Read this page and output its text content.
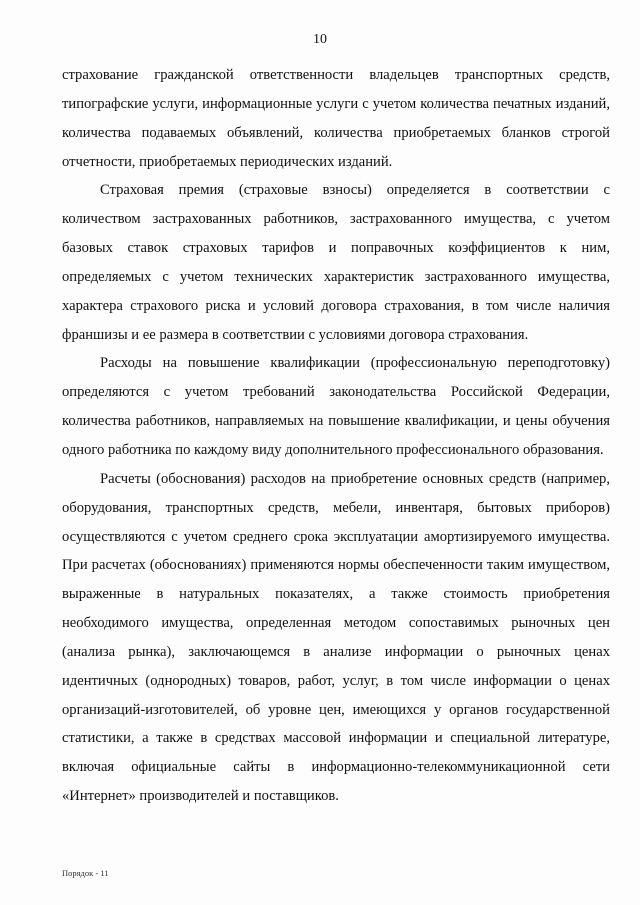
10

страхование гражданской ответственности владельцев транспортных средств, типографские услуги, информационные услуги с учетом количества печатных изданий, количества подаваемых объявлений, количества приобретаемых бланков строгой отчетности, приобретаемых периодических изданий.

Страховая премия (страховые взносы) определяется в соответствии с количеством застрахованных работников, застрахованного имущества, с учетом базовых ставок страховых тарифов и поправочных коэффициентов к ним, определяемых с учетом технических характеристик застрахованного имущества, характера страхового риска и условий договора страхования, в том числе наличия франшизы и ее размера в соответствии с условиями договора страхования.

Расходы на повышение квалификации (профессиональную переподготовку) определяются с учетом требований законодательства Российской Федерации, количества работников, направляемых на повышение квалификации, и цены обучения одного работника по каждому виду дополнительного профессионального образования.

Расчеты (обоснования) расходов на приобретение основных средств (например, оборудования, транспортных средств, мебели, инвентаря, бытовых приборов) осуществляются с учетом среднего срока эксплуатации амортизируемого имущества. При расчетах (обоснованиях) применяются нормы обеспеченности таким имуществом, выраженные в натуральных показателях, а также стоимость приобретения необходимого имущества, определенная методом сопоставимых рыночных цен (анализа рынка), заключающемся в анализе информации о рыночных ценах идентичных (однородных) товаров, работ, услуг, в том числе информации о ценах организаций-изготовителей, об уровне цен, имеющихся у органов государственной статистики, а также в средствах массовой информации и специальной литературе, включая официальные сайты в информационно-телекоммуникационной сети «Интернет» производителей и поставщиков.

Порядок - 11
